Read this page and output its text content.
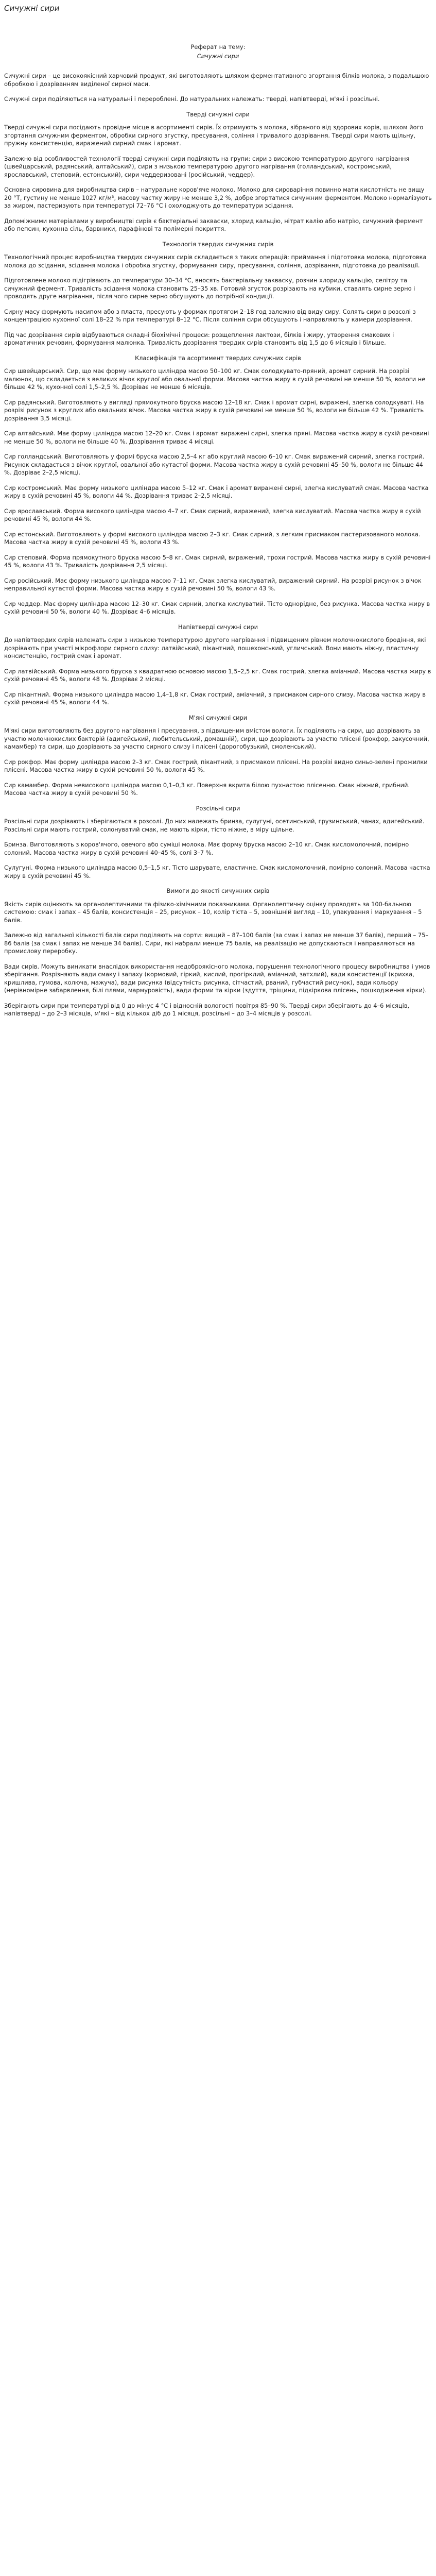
Сичужні сири
Реферат на тему:
Сичужні сири

Сичужні сири – це високоякісний харчовий продукт, які виготовляють шляхом ферментативного згортання білків молока, з подальшою обробкою і дозріванням виділеної сирної маси.

Сичужні сири поділяються на натуральні і перероблені. До натуральних належать: тверді, напівтверді, м'які і розсільні.

Тверді сичужні сири

Тверді сичужні сири посідають провідне місце в асортименті сирів. Їх отримують з молока, зібраного від здорових корів, шляхом його згортання сичужним ферментом, обробки сирного згустку, пресування, соління і тривалого дозрівання. Тверді сири мають щільну, пружну консистенцію, виражений сирний смак і аромат.

Залежно від особливостей технології тверді сичужні сири поділяють на групи: сири з високою температурою другого нагрівання (швейцарський, радянський, алтайський), сири з низькою температурою другого нагрівання (голландський, костромський, ярославський, степовий, естонський), сири чеддеризовані (російський, чеддер).

Основна сировина для виробництва сирів – натуральне коров'яче молоко. Молоко для сироваріння повинно мати кислотність не вищу 20 °Т, густину не менше 1027 кг/м³, масову частку жиру не менше 3,2 %, добре згортатися сичужним ферментом. Молоко нормалізують за жиром, пастеризують при температурі 72–76 °С і охолоджують до температури зсідання.

Допоміжними матеріалами у виробництві сирів є бактеріальні закваски, хлорид кальцію, нітрат калію або натрію, сичужний фермент або пепсин, кухонна сіль, барвники, парафінові та полімерні покриття.

Технологія твердих сичужних сирів

Технологічний процес виробництва твердих сичужних сирів складається з таких операцій: приймання і підготовка молока, підготовка молока до зсідання, зсідання молока і обробка згустку, формування сиру, пресування, соління, дозрівання, підготовка до реалізації.

Підготовлене молоко підігрівають до температури 30–34 °С, вносять бактеріальну закваску, розчин хлориду кальцію, селітру та сичужний фермент. Тривалість зсідання молока становить 25–35 хв. Готовий згусток розрізають на кубики, ставлять сирне зерно і проводять друге нагрівання, після чого сирне зерно обсушують до потрібної кондиції.

Сирну масу формують насипом або з пласта, пресують у формах протягом 2–18 год залежно від виду сиру. Солять сири в розсолі з концентрацією кухонної солі 18–22 % при температурі 8–12 °С. Після соління сири обсушують і направляють у камери дозрівання.

Під час дозрівання сирів відбуваються складні біохімічні процеси: розщеплення лактози, білків і жиру, утворення смакових і ароматичних речовин, формування малюнка. Тривалість дозрівання твердих сирів становить від 1,5 до 6 місяців і більше.

Класифікація та асортимент твердих сичужних сирів

Сир швейцарський. Сир, що має форму низького циліндра масою 50–100 кг. Смак солодкувато-пряний, аромат сирний. На розрізі малюнок, що складається з великих вічок круглої або овальної форми. Масова частка жиру в сухій речовині не менше 50 %, вологи не більше 42 %, кухонної солі 1,5–2,5 %. Дозріває не менше 6 місяців.

Сир радянський. Виготовляють у вигляді прямокутного бруска масою 12–18 кг. Смак і аромат сирні, виражені, злегка солодкуваті. На розрізі рисунок з круглих або овальних вічок. Масова частка жиру в сухій речовині не менше 50 %, вологи не більше 42 %. Тривалість дозрівання 3,5 місяці.

Сир алтайський. Має форму циліндра масою 12–20 кг. Смак і аромат виражені сирні, злегка пряні. Масова частка жиру в сухій речовині не менше 50 %, вологи не більше 40 %. Дозрівання триває 4 місяці.

Сир голландський. Виготовляють у формі бруска масою 2,5–4 кг або круглий масою 6–10 кг. Смак виражений сирний, злегка гострий. Рисунок складається з вічок круглої, овальної або кутастої форми. Масова частка жиру в сухій речовині 45–50 %, вологи не більше 44 %. Дозріває 2–2,5 місяці.

Сир костромський. Має форму низького циліндра масою 5–12 кг. Смак і аромат виражені сирні, злегка кислуватий смак. Масова частка жиру в сухій речовині 45 %, вологи 44 %. Дозрівання триває 2–2,5 місяці.

Сир ярославський. Форма високого циліндра масою 4–7 кг. Смак сирний, виражений, злегка кислуватий. Масова частка жиру в сухій речовині 45 %, вологи 44 %.

Сир естонський. Виготовляють у формі високого циліндра масою 2–3 кг. Смак сирний, з легким присмаком пастеризованого молока. Масова частка жиру в сухій речовині 45 %, вологи 43 %.

Сир степовий. Форма прямокутного бруска масою 5–8 кг. Смак сирний, виражений, трохи гострий. Масова частка жиру в сухій речовині 45 %, вологи 43 %. Тривалість дозрівання 2,5 місяці.

Сир російський. Має форму низького циліндра масою 7–11 кг. Смак злегка кислуватий, виражений сирний. На розрізі рисунок з вічок неправильної кутастої форми. Масова частка жиру в сухій речовині 50 %, вологи 43 %.

Сир чеддер. Має форму циліндра масою 12–30 кг. Смак сирний, злегка кислуватий. Тісто однорідне, без рисунка. Масова частка жиру в сухій речовині 50 %, вологи 40 %. Дозріває 4–6 місяців.

Напівтверді сичужні сири

До напівтвердих сирів належать сири з низькою температурою другого нагрівання і підвищеним рівнем молочнокислого бродіння, які дозрівають при участі мікрофлори сирного слизу: латвійський, пікантний, пошехонський, угличський. Вони мають ніжну, пластичну консистенцію, гострий смак і аромат.

Сир латвійський. Форма низького бруска з квадратною основою масою 1,5–2,5 кг. Смак гострий, злегка аміачний. Масова частка жиру в сухій речовині 45 %, вологи 48 %. Дозріває 2 місяці.

Сир пікантний. Форма низького циліндра масою 1,4–1,8 кг. Смак гострий, аміачний, з присмаком сирного слизу. Масова частка жиру в сухій речовині 45 %, вологи 44 %.

М'які сичужні сири

М'які сири виготовляють без другого нагрівання і пресування, з підвищеним вмістом вологи. Їх поділяють на сири, що дозрівають за участю молочнокислих бактерій (адигейський, любительський, домашній), сири, що дозрівають за участю плісені (рокфор, закусочний, камамбер) та сири, що дозрівають за участю сирного слизу і плісені (дорогобузький, смоленський).

Сир рокфор. Має форму циліндра масою 2–3 кг. Смак гострий, пікантний, з присмаком плісені. На розрізі видно синьо-зелені прожилки плісені. Масова частка жиру в сухій речовині 50 %, вологи 45 %.

Сир камамбер. Форма невисокого циліндра масою 0,1–0,3 кг. Поверхня вкрита білою пухнастою плісенню. Смак ніжний, грибний. Масова частка жиру в сухій речовині 50 %.

Розсільні сири

Розсільні сири дозрівають і зберігаються в розсолі. До них належать бринза, сулугуні, осетинський, грузинський, чанах, адигейський. Розсільні сири мають гострий, солонуватий смак, не мають кірки, тісто ніжне, в міру щільне.

Бринза. Виготовляють з коров'ячого, овечого або суміші молока. Має форму бруска масою 2–10 кг. Смак кисломолочний, помірно солоний. Масова частка жиру в сухій речовині 40–45 %, солі 3–7 %.

Сулугуні. Форма низького циліндра масою 0,5–1,5 кг. Тісто шарувате, еластичне. Смак кисломолочний, помірно солоний. Масова частка жиру в сухій речовині 45 %.

Вимоги до якості сичужних сирів

Якість сирів оцінюють за органолептичними та фізико-хімічними показниками. Органолептичну оцінку проводять за 100-бальною системою: смак і запах – 45 балів, консистенція – 25, рисунок – 10, колір тіста – 5, зовнішній вигляд – 10, упакування і маркування – 5 балів.

Залежно від загальної кількості балів сири поділяють на сорти: вищий – 87–100 балів (за смак і запах не менше 37 балів), перший – 75–86 балів (за смак і запах не менше 34 балів). Сири, які набрали менше 75 балів, на реалізацію не допускаються і направляються на промислову переробку.

Вади сирів. Можуть виникати внаслідок використання недоброякісного молока, порушення технологічного процесу виробництва і умов зберігання. Розрізняють вади смаку і запаху (кормовий, гіркий, кислий, прогірклий, аміачний, затхлий), вади консистенції (крихка, кришлива, гумова, колюча, мажуча), вади рисунка (відсутність рисунка, сітчастий, рваний, губчастий рисунок), вади кольору (нерівномірне забарвлення, білі плями, мармуровість), вади форми та кірки (здуття, тріщини, підкіркова плісень, пошкодження кірки).

Зберігають сири при температурі від 0 до мінус 4 °С і відносній вологості повітря 85–90 %. Тверді сири зберігають до 4–6 місяців, напівтверді – до 2–3 місяців, м'які – від кількох діб до 1 місяця, розсільні – до 3–4 місяців у розсолі.
